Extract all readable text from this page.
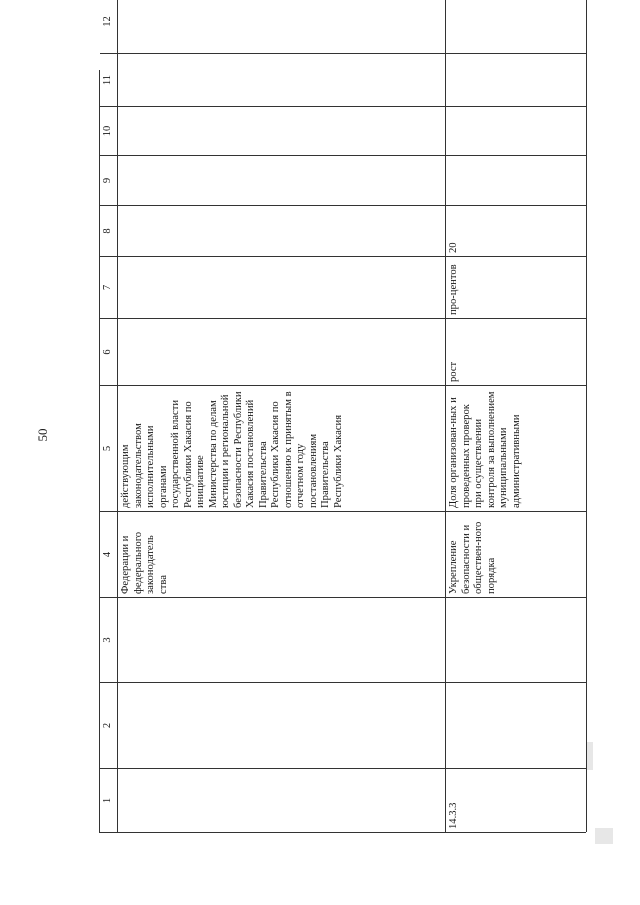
50
1
2
3
4
5
6
7
8
9
10
11
12
Федерации и федерального законодатель ства
действующим законодательством исполнительными органами государственной власти Республики Хакасия по инициативе Министерства по делам юстиции и региональной безопасности Республики Хакасия постановлений Правительства Республики Хакасия по отношению к принятым в отчетном году постановлениям Правительства Республики Хакасия
14.3.3
Укрепление безопасности и обществен-ного порядка
Доля организован-ных и проведенных проверок при осуществлении контроля за выполнением муниципальными административными
рост
про-центов
20
